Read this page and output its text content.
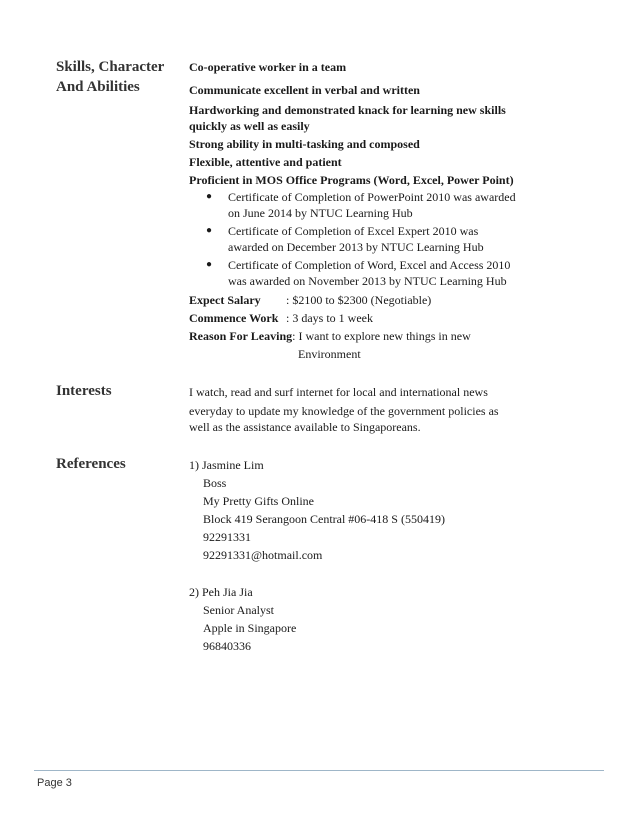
Skills, Character
And Abilities
Co-operative worker in a team
Communicate excellent in verbal and written
Hardworking and demonstrated knack for learning new skills
quickly as well as easily
Strong ability in multi-tasking and composed
Flexible, attentive and patient
Proficient in MOS Office Programs (Word, Excel, Power Point)
● Certificate of Completion of PowerPoint 2010 was awarded
on June 2014 by NTUC Learning Hub
● Certificate of Completion of Excel Expert 2010 was
awarded on December 2013 by NTUC Learning Hub
● Certificate of Completion of Word, Excel and Access 2010
was awarded on November 2013 by NTUC Learning Hub
Expect Salary : $2100 to $2300 (Negotiable)
Commence Work : 3 days to 1 week
Reason For Leaving: I want to explore new things in new
Environment
Interests	I watch, read and surf internet for local and international news
everyday to update my knowledge of the government policies as
well as the assistance available to Singaporeans.
References	1) Jasmine Lim
Boss
My Pretty Gifts Online
Block 419 Serangoon Central #06-418 S (550419)
92291331
92291331@hotmail.com
2) Peh Jia Jia
Senior Analyst
Apple in Singapore
96840336
Page 3
